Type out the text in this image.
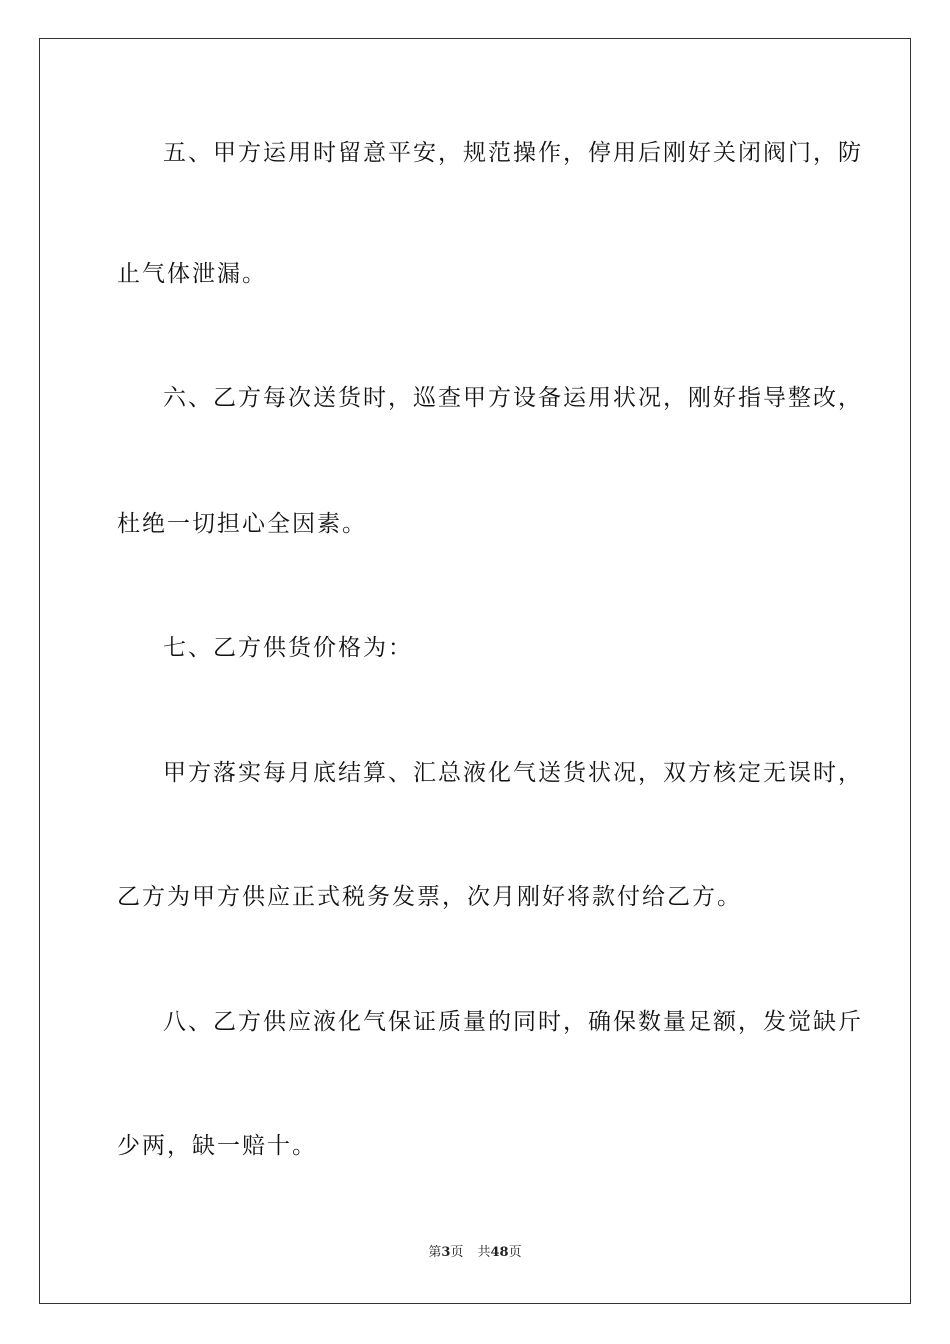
五、甲方运用时留意平安，规范操作，停用后刚好关闭阀门，防
止气体泄漏。
六、乙方每次送货时，巡查甲方设备运用状况，刚好指导整改，
杜绝一切担心全因素。
七、乙方供货价格为：
甲方落实每月底结算、汇总液化气送货状况，双方核定无误时，
乙方为甲方供应正式税务发票，次月刚好将款付给乙方。
八、乙方供应液化气保证质量的同时，确保数量足额，发觉缺斤
少两，缺一赔十。
第3页 共48页
